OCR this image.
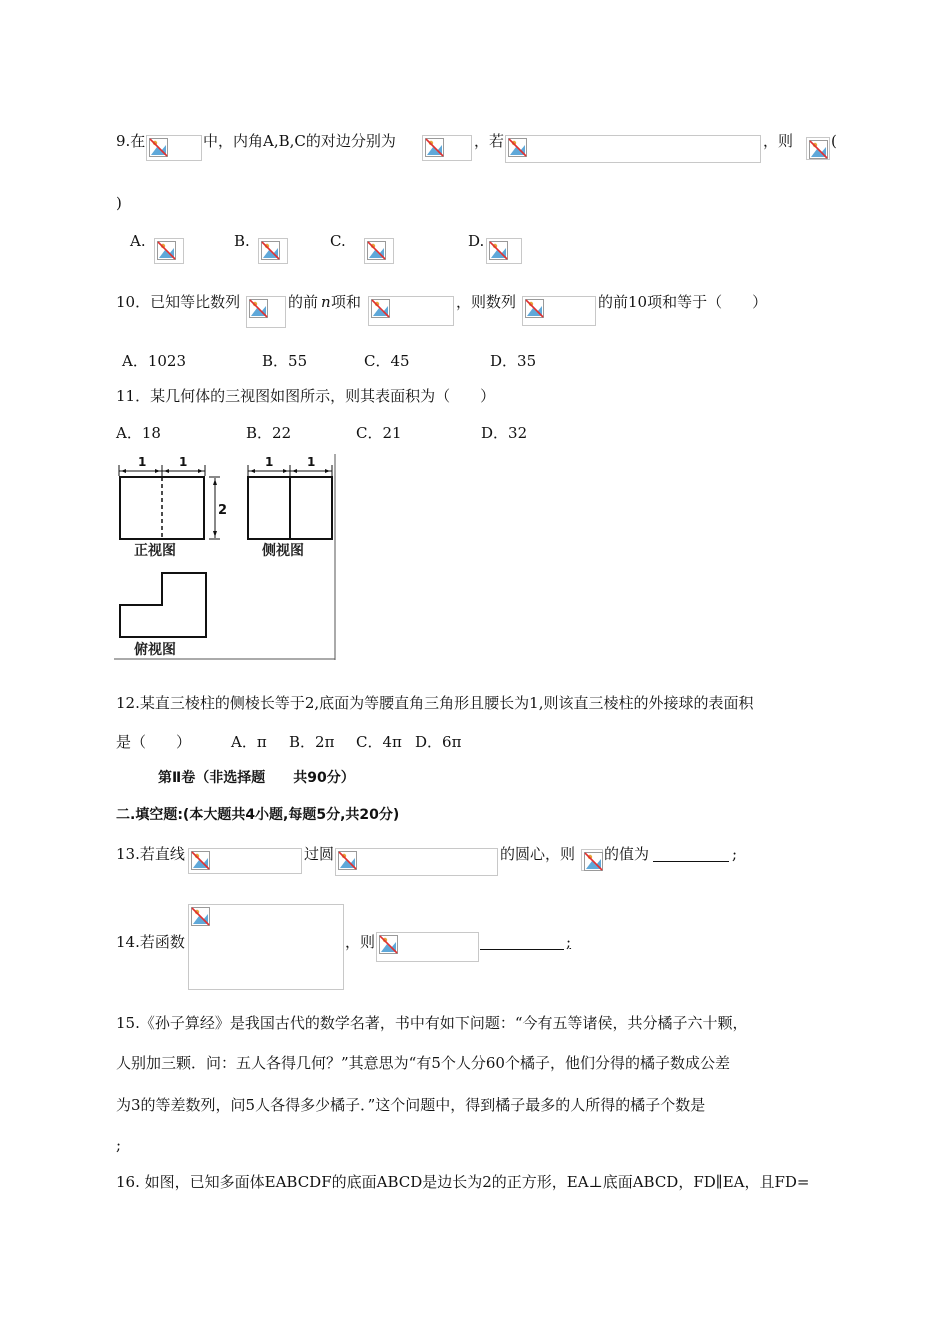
9.在	中，内角A,B,C的对边分别为	，若	，则	(
)
A.	B.	C.	D.
10．已知等比数列	的前 n 项和	，则数列	的前10项和等于（　　）
A．1023	B．55	C．45	D．35
11．某几何体的三视图如图所示，则其表面积为（　　）
A．18	B．22	C．21	D．32
1	1
2
正视图
1	1
侧视图
俯视图
12.某直三棱柱的侧棱长等于2,底面为等腰直角三角形且腰长为1,则该直三棱柱的外接球的表面积
是（　　）	A．π B．2π C．4π D．6π
第Ⅱ卷（非选择题　　共90分）
二.填空题:(本大题共4小题,每题5分,共20分)
13.若直线	过圆	的圆心，则 的值为	;
14.若函数	，则	;
15.《孙子算经》是我国古代的数学名著，书中有如下问题：“今有五等诸侯，共分橘子六十颗，
人别加三颗．问：五人各得几何？”其意思为“有5个人分60个橘子，他们分得的橘子数成公差
为3的等差数列，问5人各得多少橘子．”这个问题中，得到橘子最多的人所得的橘子个数是
;
16. 如图，已知多面体EABCDF的底面ABCD是边长为2的正方形，EA⊥底面ABCD，FD∥EA，且FD=
